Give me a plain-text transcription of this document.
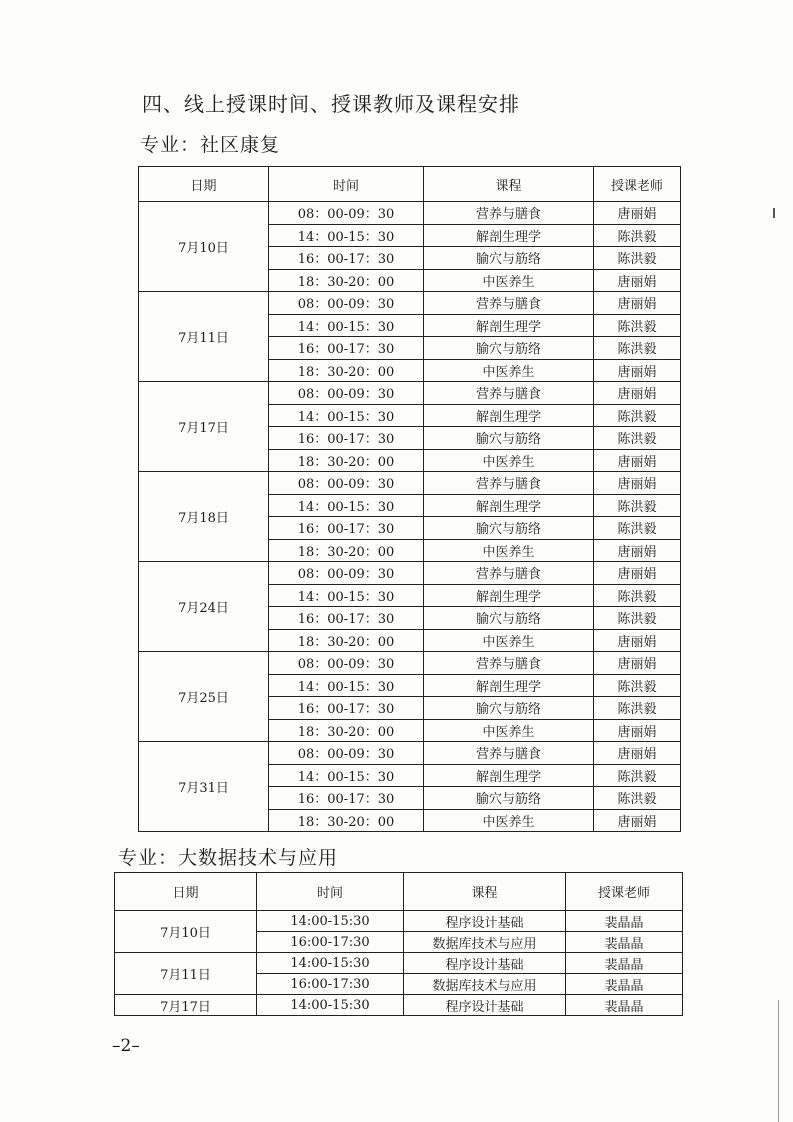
四、线上授课时间、授课教师及课程安排
专业：社区康复
日期	时间	课程	授课老师
7月10日	08：00-09：30	营养与膳食	唐丽娟
	14：00-15：30	解剖生理学	陈洪毅
	16：00-17：30	腧穴与筋络	陈洪毅
	18：30-20：00	中医养生	唐丽娟
7月11日	08：00-09：30	营养与膳食	唐丽娟
	14：00-15：30	解剖生理学	陈洪毅
	16：00-17：30	腧穴与筋络	陈洪毅
	18：30-20：00	中医养生	唐丽娟
7月17日	08：00-09：30	营养与膳食	唐丽娟
	14：00-15：30	解剖生理学	陈洪毅
	16：00-17：30	腧穴与筋络	陈洪毅
	18：30-20：00	中医养生	唐丽娟
7月18日	08：00-09：30	营养与膳食	唐丽娟
	14：00-15：30	解剖生理学	陈洪毅
	16：00-17：30	腧穴与筋络	陈洪毅
	18：30-20：00	中医养生	唐丽娟
7月24日	08：00-09：30	营养与膳食	唐丽娟
	14：00-15：30	解剖生理学	陈洪毅
	16：00-17：30	腧穴与筋络	陈洪毅
	18：30-20：00	中医养生	唐丽娟
7月25日	08：00-09：30	营养与膳食	唐丽娟
	14：00-15：30	解剖生理学	陈洪毅
	16：00-17：30	腧穴与筋络	陈洪毅
	18：30-20：00	中医养生	唐丽娟
7月31日	08：00-09：30	营养与膳食	唐丽娟
	14：00-15：30	解剖生理学	陈洪毅
	16：00-17：30	腧穴与筋络	陈洪毅
	18：30-20：00	中医养生	唐丽娟
专业：大数据技术与应用
日期	时间	课程	授课老师
7月10日	14:00-15:30	程序设计基础	裴晶晶
	16:00-17:30	数据库技术与应用	裴晶晶
7月11日	14:00-15:30	程序设计基础	裴晶晶
	16:00-17:30	数据库技术与应用	裴晶晶
7月17日	14:00-15:30	程序设计基础	裴晶晶
–2–
